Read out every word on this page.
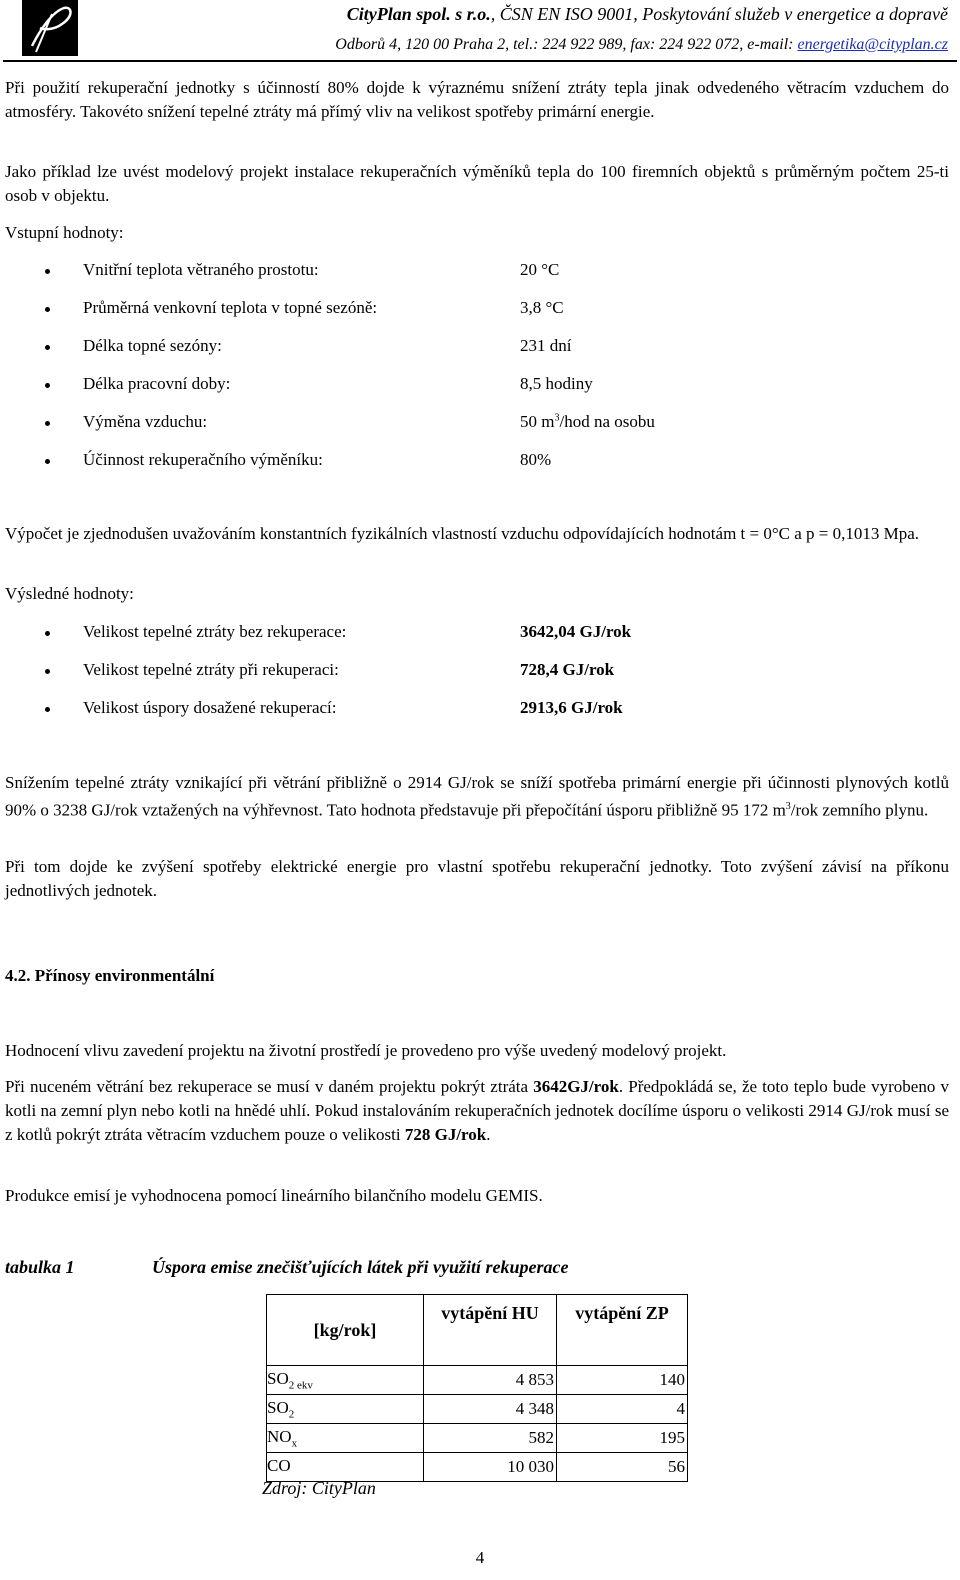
CityPlan spol. s r.o., ČSN EN ISO 9001, Poskytování služeb v energetice a dopravě
Odborů 4, 120 00 Praha 2, tel.: 224 922 989, fax: 224 922 072, e-mail: energetika@cityplan.cz
Při použití rekuperační jednotky s účinností 80% dojde k výraznému snížení ztráty tepla jinak odvedeného větracím vzduchem do atmosféry. Takovéto snížení tepelné ztráty má přímý vliv na velikost spotřeby primární energie.
Jako příklad lze uvést modelový projekt instalace rekuperačních výměníků tepla do 100 firemních objektů s průměrným počtem 25-ti osob v objektu.
Vstupní hodnoty:
Vnitřní teplota větraného prostotu:	20 °C
Průměrná venkovní teplota v topné sezóně:	3,8 °C
Délka topné sezóny:	231 dní
Délka pracovní doby:	8,5 hodiny
Výměna vzduchu:	50 $m^3$/hod na osobu
Účinnost rekuperačního výměníku:	80%
Výpočet je zjednodušen uvažováním konstantních fyzikálních vlastností vzduchu odpovídajících hodnotám t = 0°C a p = 0,1013 Mpa.
Výsledné hodnoty:
Velikost tepelné ztráty bez rekuperace:	3642,04 GJ/rok
Velikost tepelné ztráty při rekuperaci:	728,4 GJ/rok
Velikost úspory dosažené rekuperací:	2913,6 GJ/rok
Snížením tepelné ztráty vznikající při větrání přibližně o 2914 GJ/rok se sníží spotřeba primární energie při účinnosti plynových kotlů 90% o 3238 GJ/rok vztažených na výhřevnost. Tato hodnota představuje při přepočítání úsporu přibližně 95 172 $m^3$/rok zemního plynu.
Při tom dojde ke zvýšení spotřeby elektrické energie pro vlastní spotřebu rekuperační jednotky. Toto zvýšení závisí na příkonu jednotlivých jednotek.
4.2. Přínosy environmentální
Hodnocení vlivu zavedení projektu na životní prostředí je provedeno pro výše uvedený modelový projekt.
Při nuceném větrání bez rekuperace se musí v daném projektu pokrýt ztráta 3642GJ/rok. Předpokládá se, že toto teplo bude vyrobeno v kotli na zemní plyn nebo kotli na hnědé uhlí. Pokud instalováním rekuperačních jednotek docílíme úsporu o velikosti 2914 GJ/rok musí se z kotlů pokrýt ztráta větracím vzduchem pouze o velikosti 728 GJ/rok.
Produkce emisí je vyhodnocena pomocí lineárního bilančního modelu GEMIS.
tabulka 1	Úspora emise znečišťujících látek při využití rekuperace
[kg/rok]	vytápění HU	vytápění ZP
$SO_{2 ekv}$	4 853	140
$SO_2$	4 348	4
$NO_x$	582	195
CO	10 030	56
Zdroj: CityPlan
4
